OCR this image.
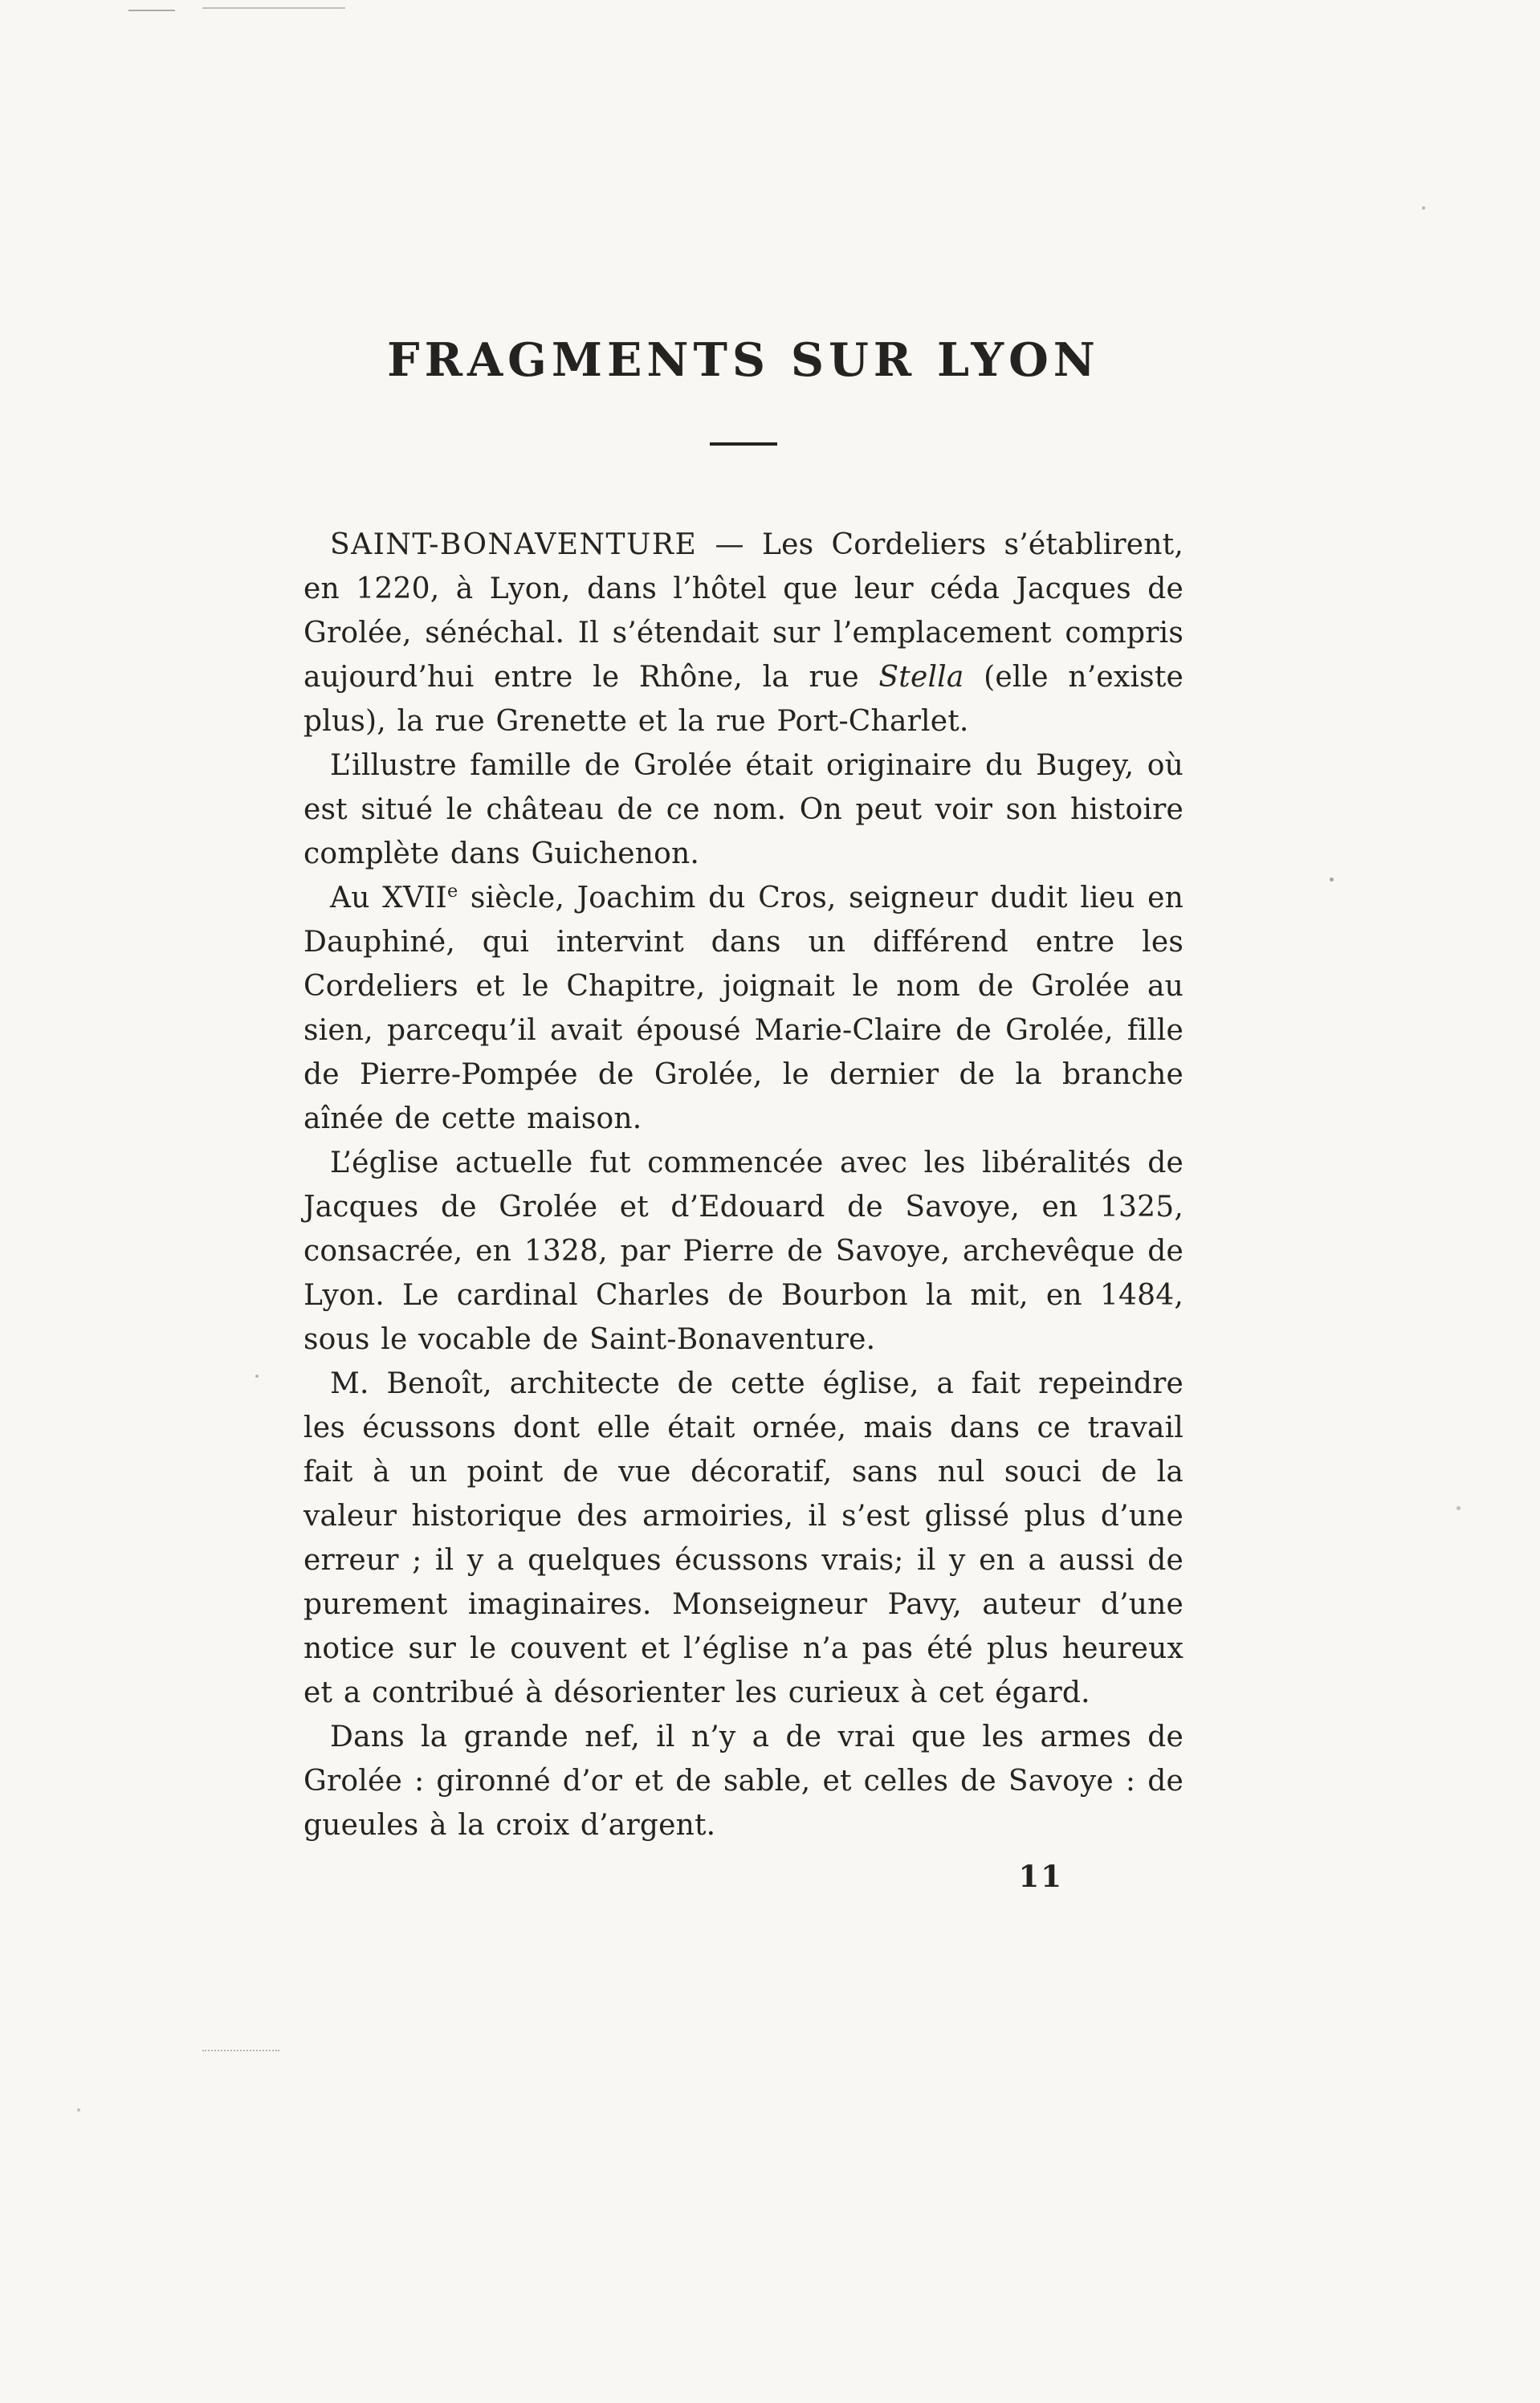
FRAGMENTS SUR LYON

SAINT-BONAVENTURE — Les Cordeliers s’établirent, en 1220, à Lyon, dans l’hôtel que leur céda Jacques de Grolée, sénéchal. Il s’étendait sur l’emplacement compris aujourd’hui entre le Rhône, la rue Stella (elle n’existe plus), la rue Grenette et la rue Port-Charlet.

L’illustre famille de Grolée était originaire du Bugey, où est situé le château de ce nom. On peut voir son histoire complète dans Guichenon.

Au XVIIe siècle, Joachim du Cros, seigneur dudit lieu en Dauphiné, qui intervint dans un différend entre les Cordeliers et le Chapitre, joignait le nom de Grolée au sien, parcequ’il avait épousé Marie-Claire de Grolée, fille de Pierre-Pompée de Grolée, le dernier de la branche aînée de cette maison.

L’église actuelle fut commencée avec les libéralités de Jacques de Grolée et d’Edouard de Savoye, en 1325, consacrée, en 1328, par Pierre de Savoye, archevêque de Lyon. Le cardinal Charles de Bourbon la mit, en 1484, sous le vocable de Saint-Bonaventure.

M. Benoît, architecte de cette église, a fait repeindre les écussons dont elle était ornée, mais dans ce travail fait à un point de vue décoratif, sans nul souci de la valeur historique des armoiries, il s’est glissé plus d’une erreur ; il y a quelques écussons vrais; il y en a aussi de purement imaginaires. Monseigneur Pavy, auteur d’une notice sur le couvent et l’église n’a pas été plus heureux et a contribué à désorienter les curieux à cet égard.

Dans la grande nef, il n’y a de vrai que les armes de Grolée : gironné d’or et de sable, et celles de Savoye : de gueules à la croix d’argent.

11
